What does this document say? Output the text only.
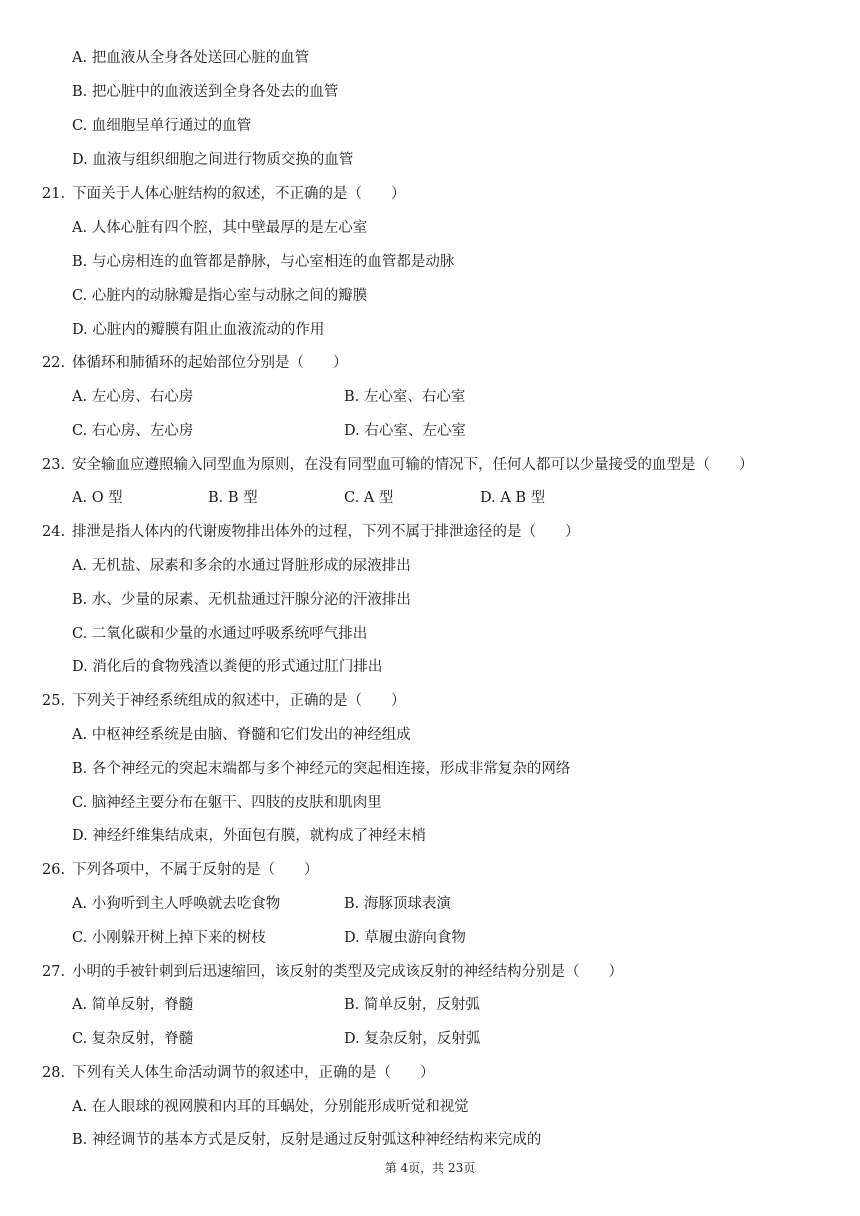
A. 把血液从全身各处送回心脏的血管
B. 把心脏中的血液送到全身各处去的血管
C. 血细胞呈单行通过的血管
D. 血液与组织细胞之间进行物质交换的血管
21. 下面关于人体心脏结构的叙述，不正确的是（　　）
A. 人体心脏有四个腔，其中壁最厚的是左心室
B. 与心房相连的血管都是静脉，与心室相连的血管都是动脉
C. 心脏内的动脉瓣是指心室与动脉之间的瓣膜
D. 心脏内的瓣膜有阻止血液流动的作用
22. 体循环和肺循环的起始部位分别是（　　）
A. 左心房、右心房	B. 左心室、右心室
C. 右心房、左心房	D. 右心室、左心室
23. 安全输血应遵照输入同型血为原则，在没有同型血可输的情况下，任何人都可以少量接受的血型是（　　）
A. O 型	B. B 型	C. A 型	D. A B 型
24. 排泄是指人体内的代谢废物排出体外的过程，下列不属于排泄途径的是（　　）
A. 无机盐、尿素和多余的水通过肾脏形成的尿液排出
B. 水、少量的尿素、无机盐通过汗腺分泌的汗液排出
C. 二氧化碳和少量的水通过呼吸系统呼气排出
D. 消化后的食物残渣以粪便的形式通过肛门排出
25. 下列关于神经系统组成的叙述中，正确的是（　　）
A. 中枢神经系统是由脑、脊髓和它们发出的神经组成
B. 各个神经元的突起末端都与多个神经元的突起相连接，形成非常复杂的网络
C. 脑神经主要分布在躯干、四肢的皮肤和肌肉里
D. 神经纤维集结成束，外面包有膜，就构成了神经末梢
26. 下列各项中，不属于反射的是（　　）
A. 小狗听到主人呼唤就去吃食物	B. 海豚顶球表演
C. 小刚躲开树上掉下来的树枝	D. 草履虫游向食物
27. 小明的手被针刺到后迅速缩回，该反射的类型及完成该反射的神经结构分别是（　　）
A. 简单反射，脊髓	B. 简单反射，反射弧
C. 复杂反射，脊髓	D. 复杂反射，反射弧
28. 下列有关人体生命活动调节的叙述中，正确的是（　　）
A. 在人眼球的视网膜和内耳的耳蜗处，分别能形成听觉和视觉
B. 神经调节的基本方式是反射，反射是通过反射弧这种神经结构来完成的
第 4页，共 23页
